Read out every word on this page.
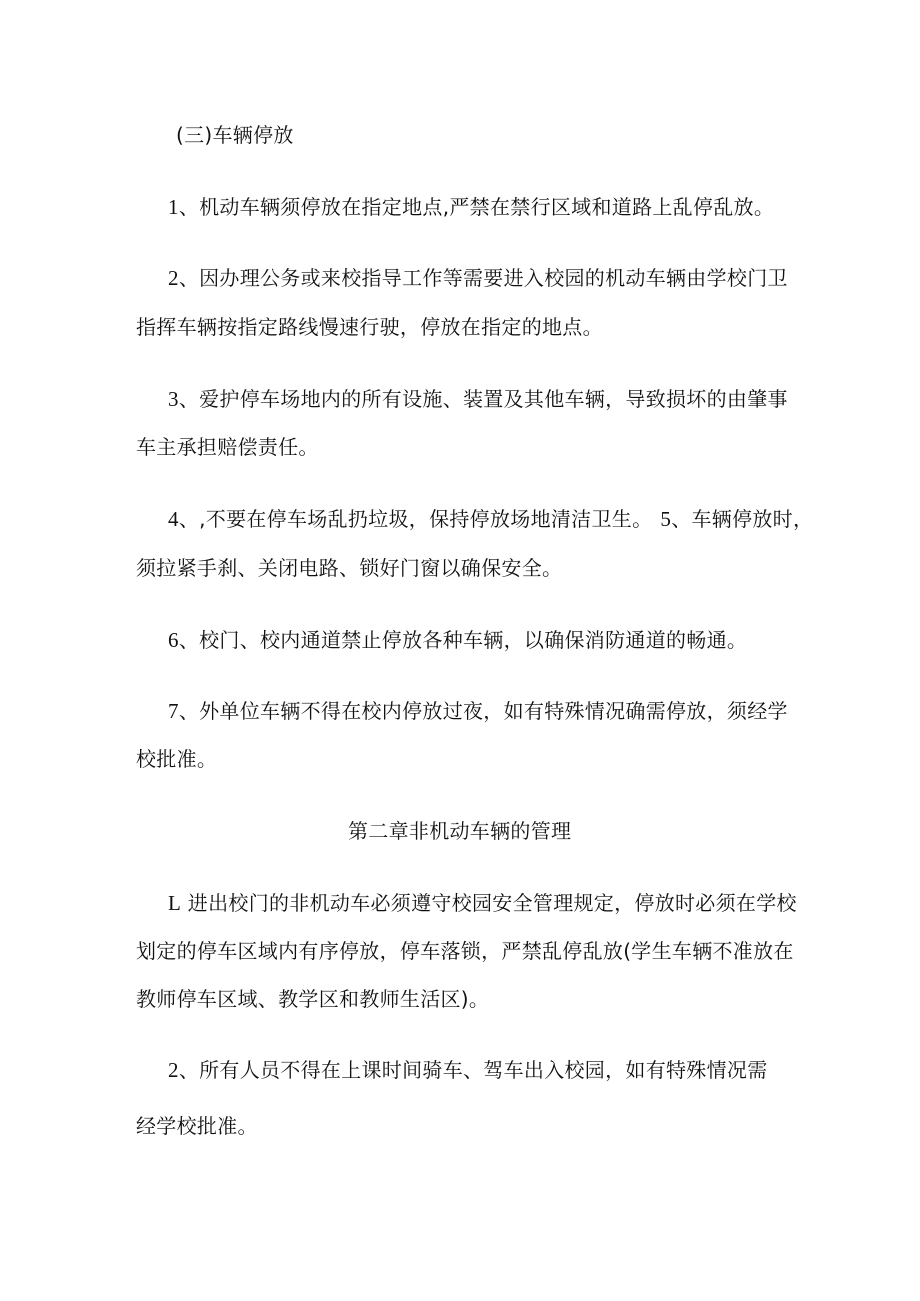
(三)车辆停放
1、机动车辆须停放在指定地点,严禁在禁行区域和道路上乱停乱放。
2、因办理公务或来校指导工作等需要进入校园的机动车辆由学校门卫
指挥车辆按指定路线慢速行驶，停放在指定的地点。
3、爱护停车场地内的所有设施、装置及其他车辆，导致损坏的由肇事
车主承担赔偿责任。
4、,不要在停车场乱扔垃圾，保持停放场地清洁卫生。 5、车辆停放时，
须拉紧手刹、关闭电路、锁好门窗以确保安全。
6、校门、校内通道禁止停放各种车辆，以确保消防通道的畅通。
7、外单位车辆不得在校内停放过夜，如有特殊情况确需停放，须经学
校批准。
第二章非机动车辆的管理
L 进出校门的非机动车必须遵守校园安全管理规定，停放时必须在学校
划定的停车区域内有序停放，停车落锁，严禁乱停乱放(学生车辆不准放在
教师停车区域、教学区和教师生活区)。
2、所有人员不得在上课时间骑车、驾车出入校园，如有特殊情况需
经学校批准。
